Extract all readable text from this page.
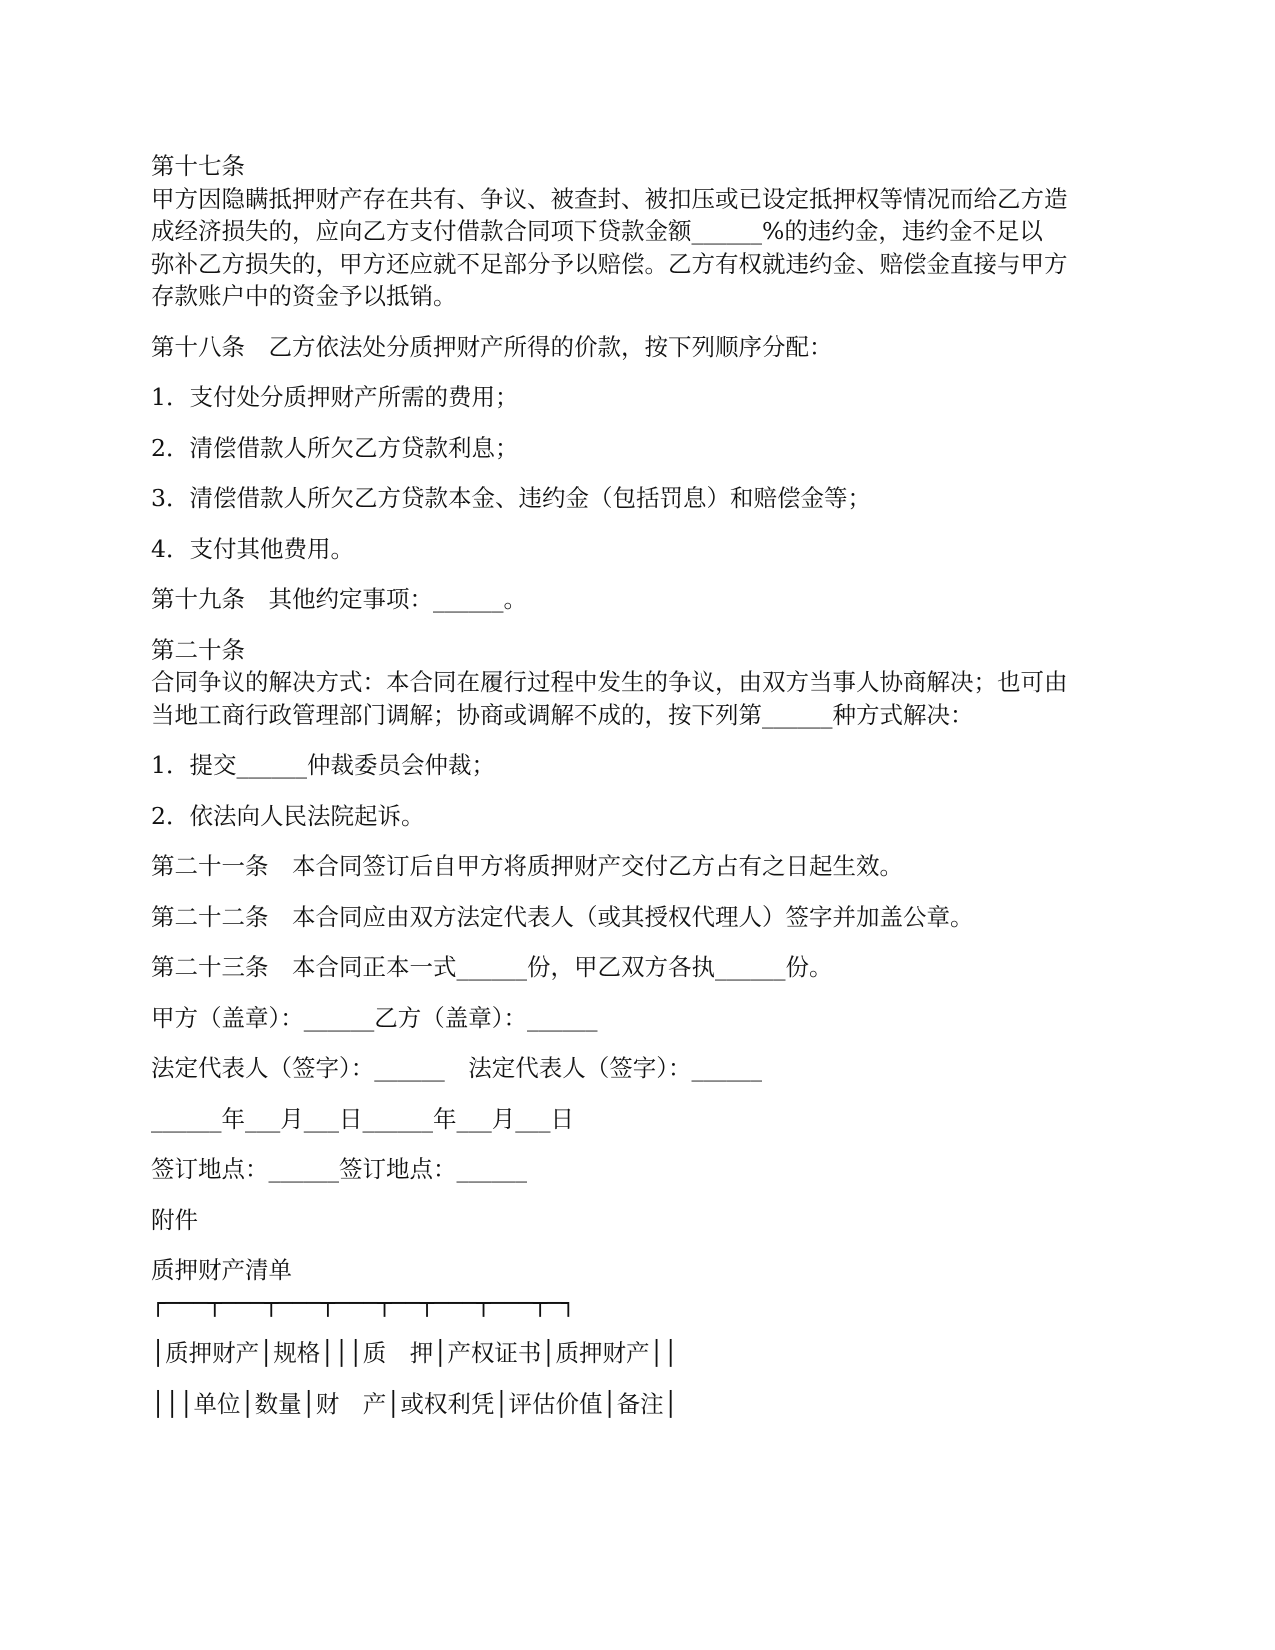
第十七条

甲方因隐瞒抵押财产存在共有、争议、被查封、被扣压或已设定抵押权等情况而给乙方造

成经济损失的，应向乙方支付借款合同项下贷款金额______%的违约金，违约金不足以

弥补乙方损失的，甲方还应就不足部分予以赔偿。乙方有权就违约金、赔偿金直接与甲方

存款账户中的资金予以抵销。

第十八条　乙方依法处分质押财产所得的价款，按下列顺序分配：

1．支付处分质押财产所需的费用；

2．清偿借款人所欠乙方贷款利息；

3．清偿借款人所欠乙方贷款本金、违约金（包括罚息）和赔偿金等；

4．支付其他费用。

第十九条　其他约定事项：______。

第二十条

合同争议的解决方式：本合同在履行过程中发生的争议，由双方当事人协商解决；也可由

当地工商行政管理部门调解；协商或调解不成的，按下列第______种方式解决：

1．提交______仲裁委员会仲裁；

2．依法向人民法院起诉。

第二十一条　本合同签订后自甲方将质押财产交付乙方占有之日起生效。

第二十二条　本合同应由双方法定代表人（或其授权代理人）签字并加盖公章。

第二十三条　本合同正本一式______份，甲乙双方各执______份。

甲方（盖章）：______乙方（盖章）：______

法定代表人（签字）：______　法定代表人（签字）：______

______年___月___日______年___月___日

签订地点：______签订地点：______

附件

质押财产清单

┌───┬───┬───┬───┬──┬───┬───┬─┐

│质押财产│规格│││质　押│产权证书│质押财产││

│││单位│数量│财　产│或权利凭│评估价值│备注│
